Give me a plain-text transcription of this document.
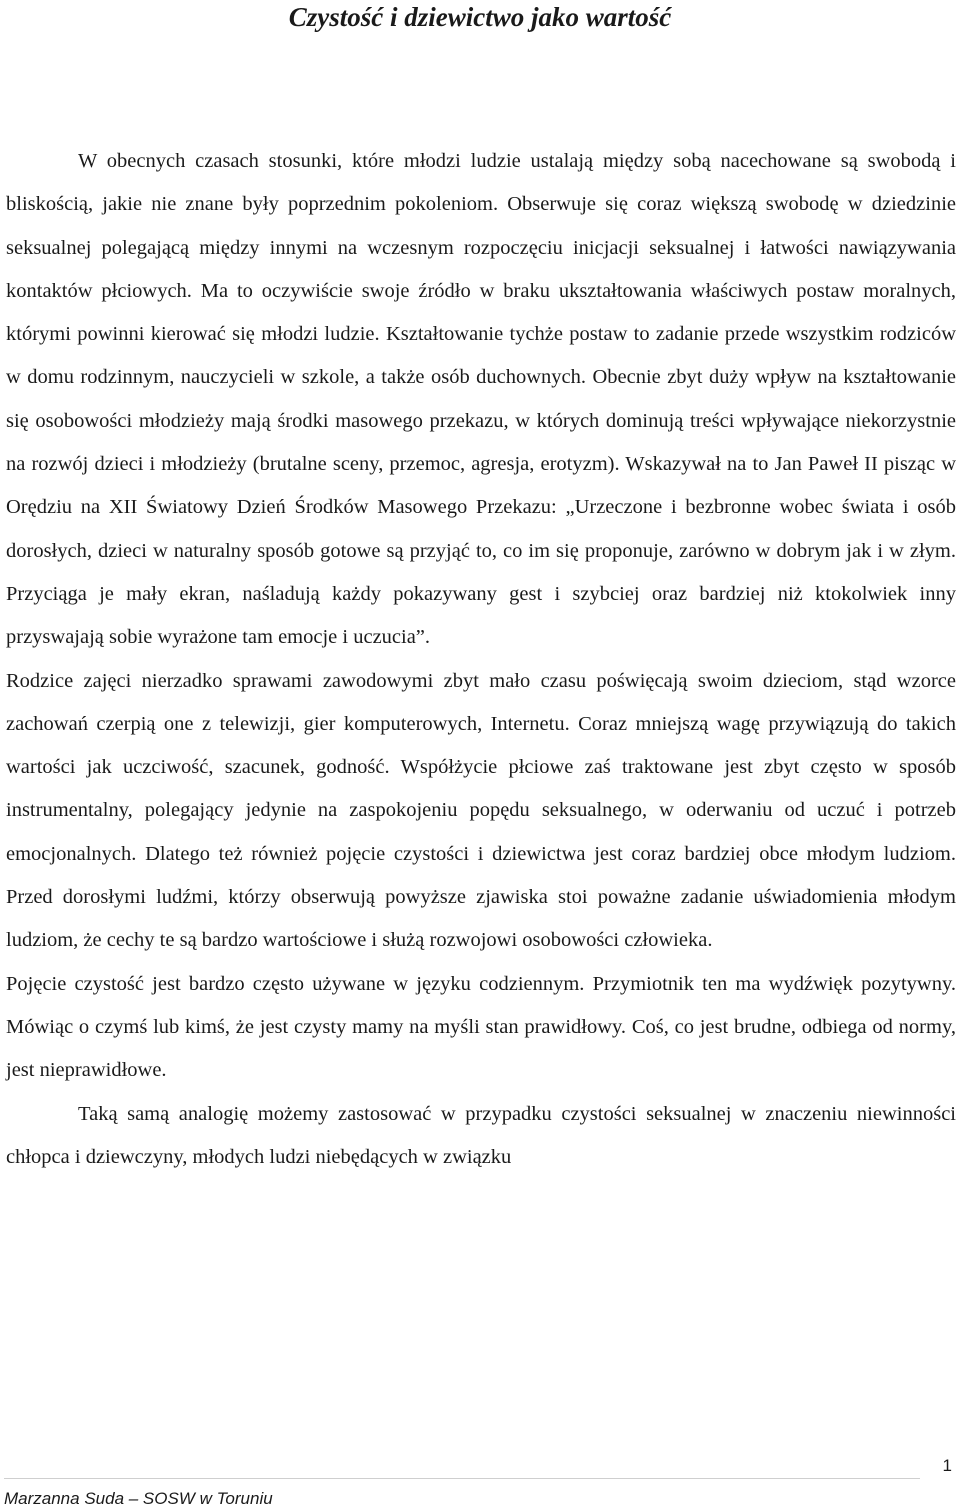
Czystość i dziewictwo jako wartość

W obecnych czasach stosunki, które młodzi ludzie ustalają między sobą nacechowane są swobodą i bliskością, jakie nie znane były poprzednim pokoleniom. Obserwuje się coraz większą swobodę w dziedzinie seksualnej polegającą między innymi na wczesnym rozpoczęciu inicjacji seksualnej i łatwości nawiązywania kontaktów płciowych. Ma to oczywiście swoje źródło w braku ukształtowania właściwych postaw moralnych, którymi powinni kierować się młodzi ludzie. Kształtowanie tychże postaw to zadanie przede wszystkim rodziców w domu rodzinnym, nauczycieli w szkole, a także osób duchownych. Obecnie zbyt duży wpływ na kształtowanie się osobowości młodzieży mają środki masowego przekazu, w których dominują treści wpływające niekorzystnie na rozwój dzieci i młodzieży (brutalne sceny, przemoc, agresja, erotyzm). Wskazywał na to Jan Paweł II pisząc w Orędziu na XII Światowy Dzień Środków Masowego Przekazu: „Urzeczone i bezbronne wobec świata i osób dorosłych, dzieci w naturalny sposób gotowe są przyjąć to, co im się proponuje, zarówno w dobrym jak i w złym. Przyciąga je mały ekran, naśladują każdy pokazywany gest i szybciej oraz bardziej niż ktokolwiek inny przyswajają sobie wyrażone tam emocje i uczucia”.

Rodzice zajęci nierzadko sprawami zawodowymi zbyt mało czasu poświęcają swoim dzieciom, stąd wzorce zachowań czerpią one z telewizji, gier komputerowych, Internetu. Coraz mniejszą wagę przywiązują do takich wartości jak uczciwość, szacunek, godność. Współżycie płciowe zaś traktowane jest zbyt często w sposób instrumentalny, polegający jedynie na zaspokojeniu popędu seksualnego, w oderwaniu od uczuć i potrzeb emocjonalnych. Dlatego też również pojęcie czystości i dziewictwa jest coraz bardziej obce młodym ludziom. Przed dorosłymi ludźmi, którzy obserwują powyższe zjawiska stoi poważne zadanie uświadomienia młodym ludziom, że cechy te są bardzo wartościowe i służą rozwojowi osobowości człowieka.

Pojęcie czystość jest bardzo często używane w języku codziennym. Przymiotnik ten ma wydźwięk pozytywny. Mówiąc o czymś lub kimś, że jest czysty mamy na myśli stan prawidłowy. Coś, co jest brudne, odbiega od normy, jest nieprawidłowe.

Taką samą analogię możemy zastosować w przypadku czystości seksualnej w znaczeniu niewinności chłopca i dziewczyny, młodych ludzi niebędących w związku

1
Marzanna Suda – SOSW w Toruniu
